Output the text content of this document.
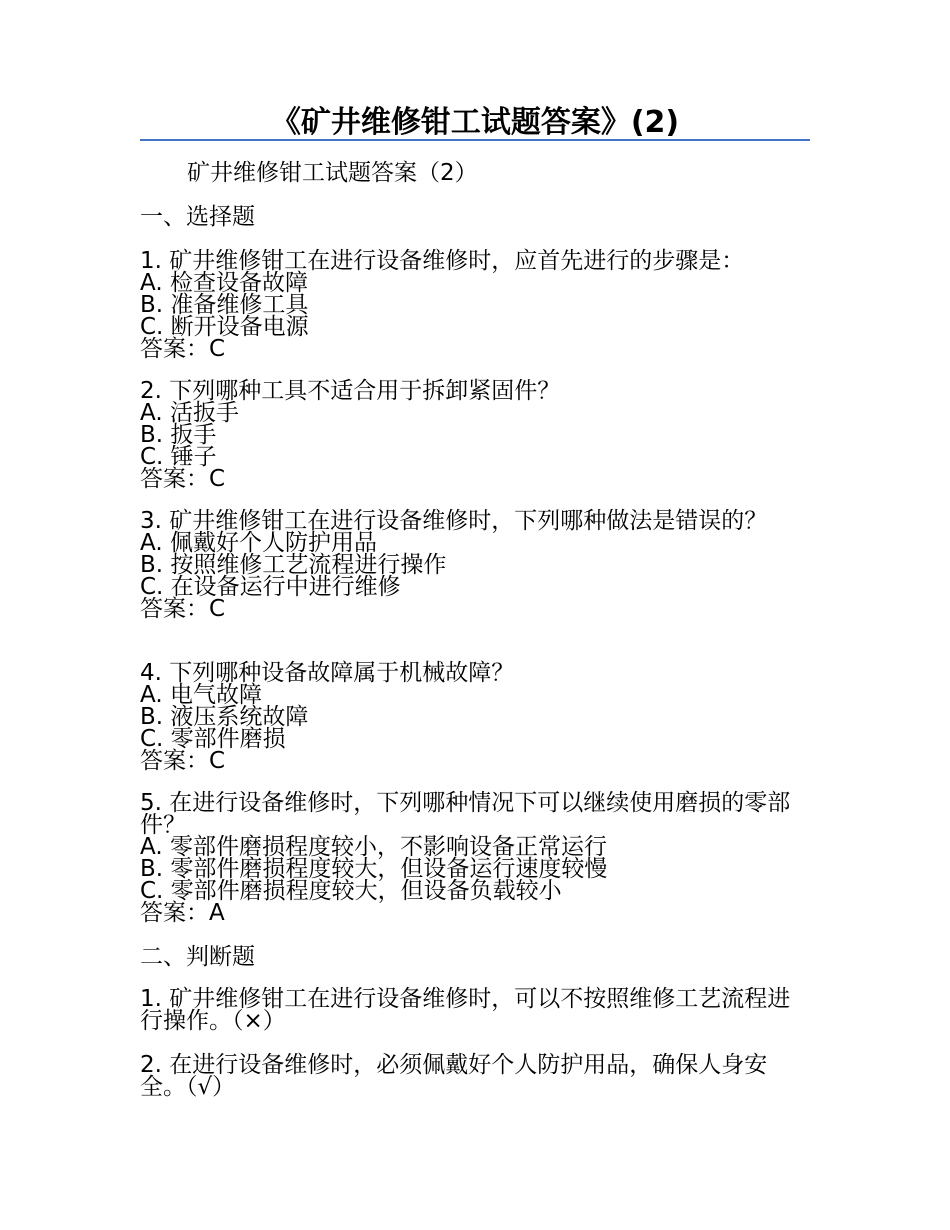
《矿井维修钳工试题答案》(2)
矿井维修钳工试题答案（2）
一、选择题
1. 矿井维修钳工在进行设备维修时，应首先进行的步骤是：
A. 检查设备故障
B. 准备维修工具
C. 断开设备电源
答案：C
2. 下列哪种工具不适合用于拆卸紧固件？
A. 活扳手
B. 扳手
C. 锤子
答案：C
3. 矿井维修钳工在进行设备维修时，下列哪种做法是错误的？
A. 佩戴好个人防护用品
B. 按照维修工艺流程进行操作
C. 在设备运行中进行维修
答案：C
4. 下列哪种设备故障属于机械故障？
A. 电气故障
B. 液压系统故障
C. 零部件磨损
答案：C
5. 在进行设备维修时，下列哪种情况下可以继续使用磨损的零部件？
A. 零部件磨损程度较小，不影响设备正常运行
B. 零部件磨损程度较大，但设备运行速度较慢
C. 零部件磨损程度较大，但设备负载较小
答案：A
二、判断题
1. 矿井维修钳工在进行设备维修时，可以不按照维修工艺流程进行操作。（×）
2. 在进行设备维修时，必须佩戴好个人防护用品，确保人身安全。（√）
